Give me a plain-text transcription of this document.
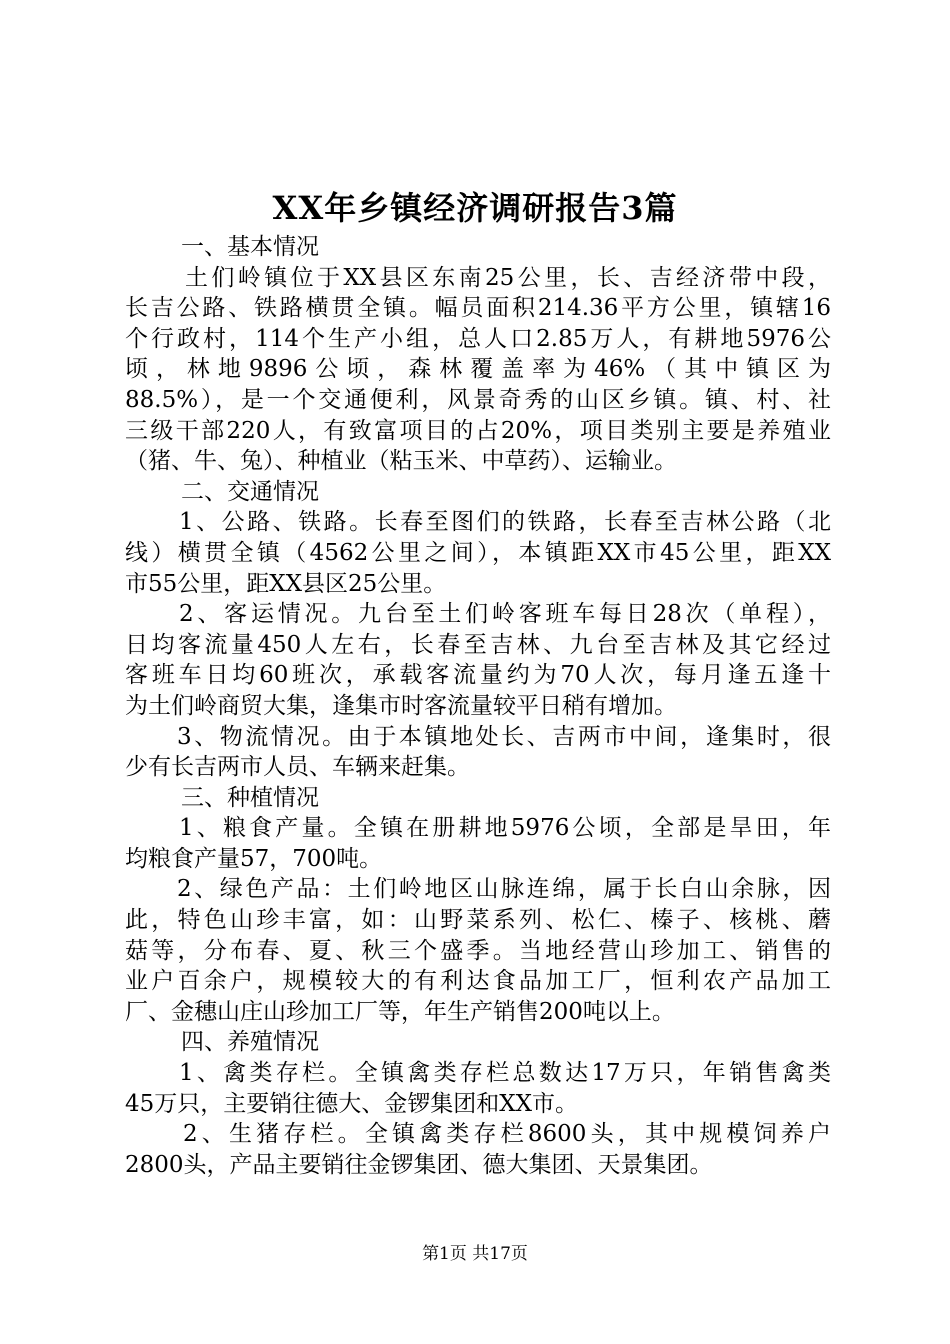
XX年乡镇经济调研报告3篇
一、基本情况
土们岭镇位于XX县区东南25公里，长、吉经济带中段，
长吉公路、铁路横贯全镇。幅员面积214.36平方公里，镇辖16
个行政村，114个生产小组，总人口2.85万人，有耕地5976公
顷，林地9896公顷，森林覆盖率为46%（其中镇区为
88.5%），是一个交通便利，风景奇秀的山区乡镇。镇、村、社
三级干部220人，有致富项目的占20%，项目类别主要是养殖业
（猪、牛、兔）、种植业（粘玉米、中草药）、运输业。
二、交通情况
1、公路、铁路。长春至图们的铁路，长春至吉林公路（北
线）横贯全镇（4562公里之间），本镇距XX市45公里，距XX
市55公里，距XX县区25公里。
2、客运情况。九台至土们岭客班车每日28次（单程），
日均客流量450人左右，长春至吉林、九台至吉林及其它经过
客班车日均60班次，承载客流量约为70人次，每月逢五逢十
为土们岭商贸大集，逢集市时客流量较平日稍有增加。
3、物流情况。由于本镇地处长、吉两市中间，逢集时，很
少有长吉两市人员、车辆来赶集。
三、种植情况
1、粮食产量。全镇在册耕地5976公顷，全部是旱田，年
均粮食产量57，700吨。
2、绿色产品：土们岭地区山脉连绵，属于长白山余脉，因
此，特色山珍丰富，如：山野菜系列、松仁、榛子、核桃、蘑
菇等，分布春、夏、秋三个盛季。当地经营山珍加工、销售的
业户百余户，规模较大的有利达食品加工厂，恒利农产品加工
厂、金穗山庄山珍加工厂等，年生产销售200吨以上。
四、养殖情况
1、禽类存栏。全镇禽类存栏总数达17万只，年销售禽类
45万只，主要销往德大、金锣集团和XX市。
2、生猪存栏。全镇禽类存栏8600头，其中规模饲养户
2800头，产品主要销往金锣集团、德大集团、天景集团。
第1页 共17页
